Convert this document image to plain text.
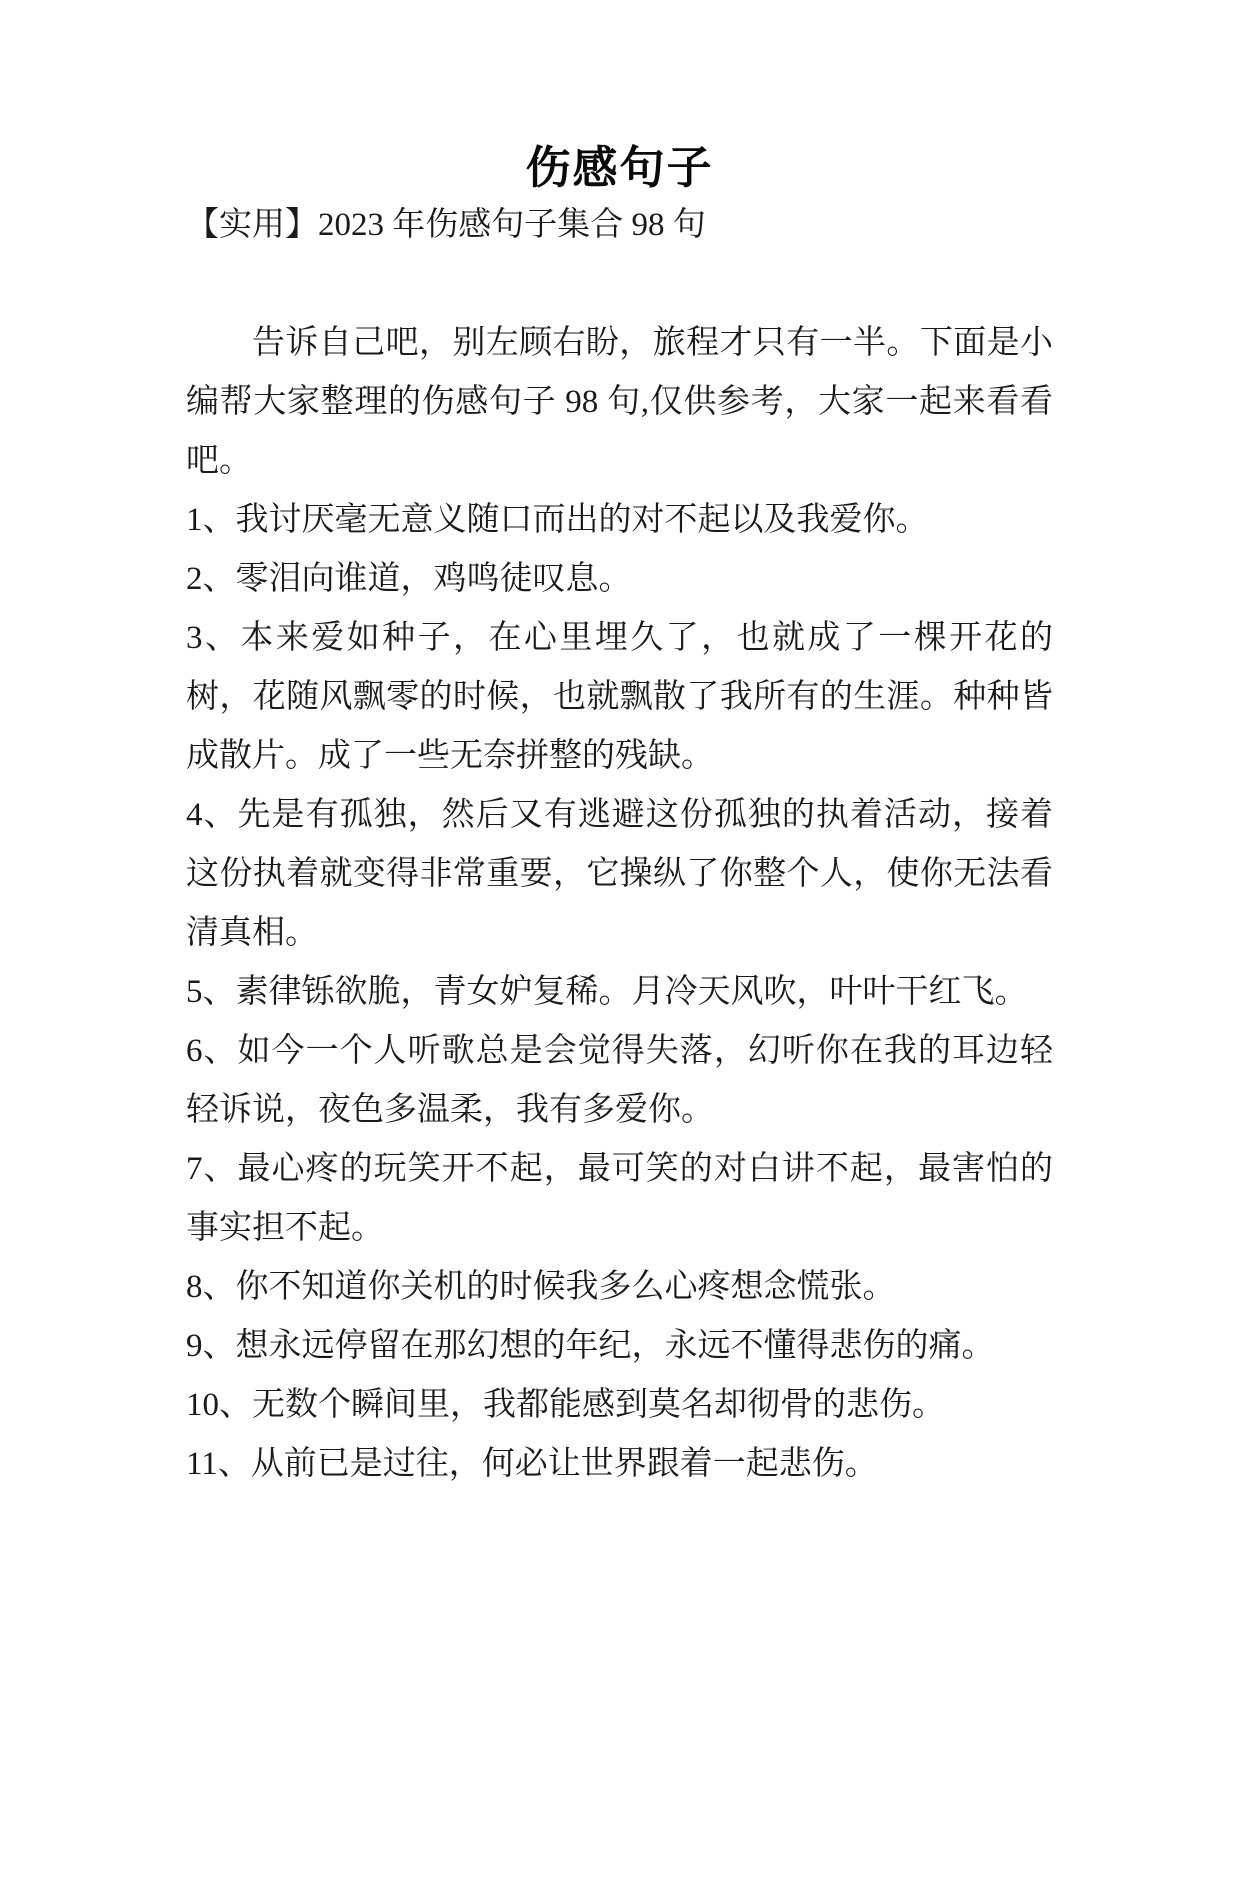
伤感句子

【实用】2023 年伤感句子集合 98 句

告诉自己吧，别左顾右盼，旅程才只有一半。下面是小编帮大家整理的伤感句子 98 句,仅供参考，大家一起来看看吧。

1、我讨厌毫无意义随口而出的对不起以及我爱你。

2、零泪向谁道，鸡鸣徒叹息。

3、本来爱如种子，在心里埋久了，也就成了一棵开花的树，花随风飘零的时候，也就飘散了我所有的生涯。种种皆成散片。成了一些无奈拼整的残缺。

4、先是有孤独，然后又有逃避这份孤独的执着活动，接着这份执着就变得非常重要，它操纵了你整个人，使你无法看清真相。

5、素律铄欲脆，青女妒复稀。月冷天风吹，叶叶干红飞。

6、如今一个人听歌总是会觉得失落，幻听你在我的耳边轻轻诉说，夜色多温柔，我有多爱你。

7、最心疼的玩笑开不起，最可笑的对白讲不起，最害怕的事实担不起。

8、你不知道你关机的时候我多么心疼想念慌张。

9、想永远停留在那幻想的年纪，永远不懂得悲伤的痛。

10、无数个瞬间里，我都能感到莫名却彻骨的悲伤。

11、从前已是过往，何必让世界跟着一起悲伤。
